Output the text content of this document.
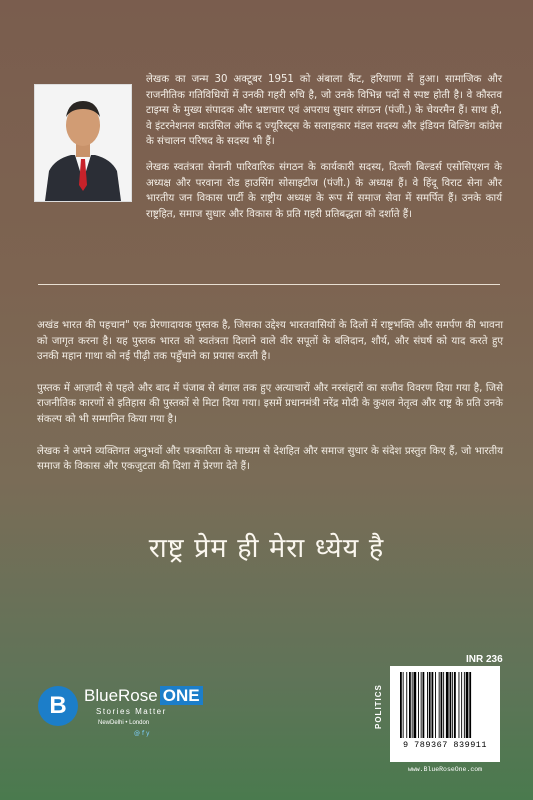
लेखक का जन्म 30 अक्टूबर 1951 को अंबाला कैंट, हरियाणा में हुआ। सामाजिक और राजनीतिक गतिविधियों में उनकी गहरी रुचि है, जो उनके विभिन्न पदों से स्पष्ट होती है। वे कौस्तव टाइम्स के मुख्य संपादक और भ्रष्टाचार एवं अपराध सुधार संगठन (पंजी.) के चेयरमैन हैं। साथ ही, वे इंटरनेशनल काउंसिल ऑफ द ज्यूरिस्ट्स के सलाहकार मंडल सदस्य और इंडियन बिल्डिंग कांग्रेस के संचालन परिषद के सदस्य भी हैं।

लेखक स्वतंत्रता सेनानी पारिवारिक संगठन के कार्यकारी सदस्य, दिल्ली बिल्डर्स एसोसिएशन के अध्यक्ष और परवाना रोड हाउसिंग सोसाइटीज (पंजी.) के अध्यक्ष हैं। वे हिंदू विराट सेना और भारतीय जन विकास पार्टी के राष्ट्रीय अध्यक्ष के रूप में समाज सेवा में समर्पित हैं। उनके कार्य राष्ट्रहित, समाज सुधार और विकास के प्रति गहरी प्रतिबद्धता को दर्शाते हैं।

अखंड भारत की पहचान" एक प्रेरणादायक पुस्तक है, जिसका उद्देश्य भारतवासियों के दिलों में राष्ट्रभक्ति और समर्पण की भावना को जागृत करना है। यह पुस्तक भारत को स्वतंत्रता दिलाने वाले वीर सपूतों के बलिदान, शौर्य, और संघर्ष को याद करते हुए उनकी महान गाथा को नई पीढ़ी तक पहुँचाने का प्रयास करती है।

पुस्तक में आज़ादी से पहले और बाद में पंजाब से बंगाल तक हुए अत्याचारों और नरसंहारों का सजीव विवरण दिया गया है, जिसे राजनीतिक कारणों से इतिहास की पुस्तकों से मिटा दिया गया। इसमें प्रधानमंत्री नरेंद्र मोदी के कुशल नेतृत्व और राष्ट्र के प्रति उनके संकल्प को भी सम्मानित किया गया है।

लेखक ने अपने व्यक्तिगत अनुभवों और पत्रकारिता के माध्यम से देशहित और समाज सुधार के संदेश प्रस्तुत किए हैं, जो भारतीय समाज के विकास और एकजुटता की दिशा में प्रेरणा देते हैं।

राष्ट्र प्रेम ही मेरा ध्येय है
B	BlueRose ONE
Stories Matter
NewDelhi • London
@fy
INR 236
POLITICS
9 789367 839911
www.BlueRoseOne.com
